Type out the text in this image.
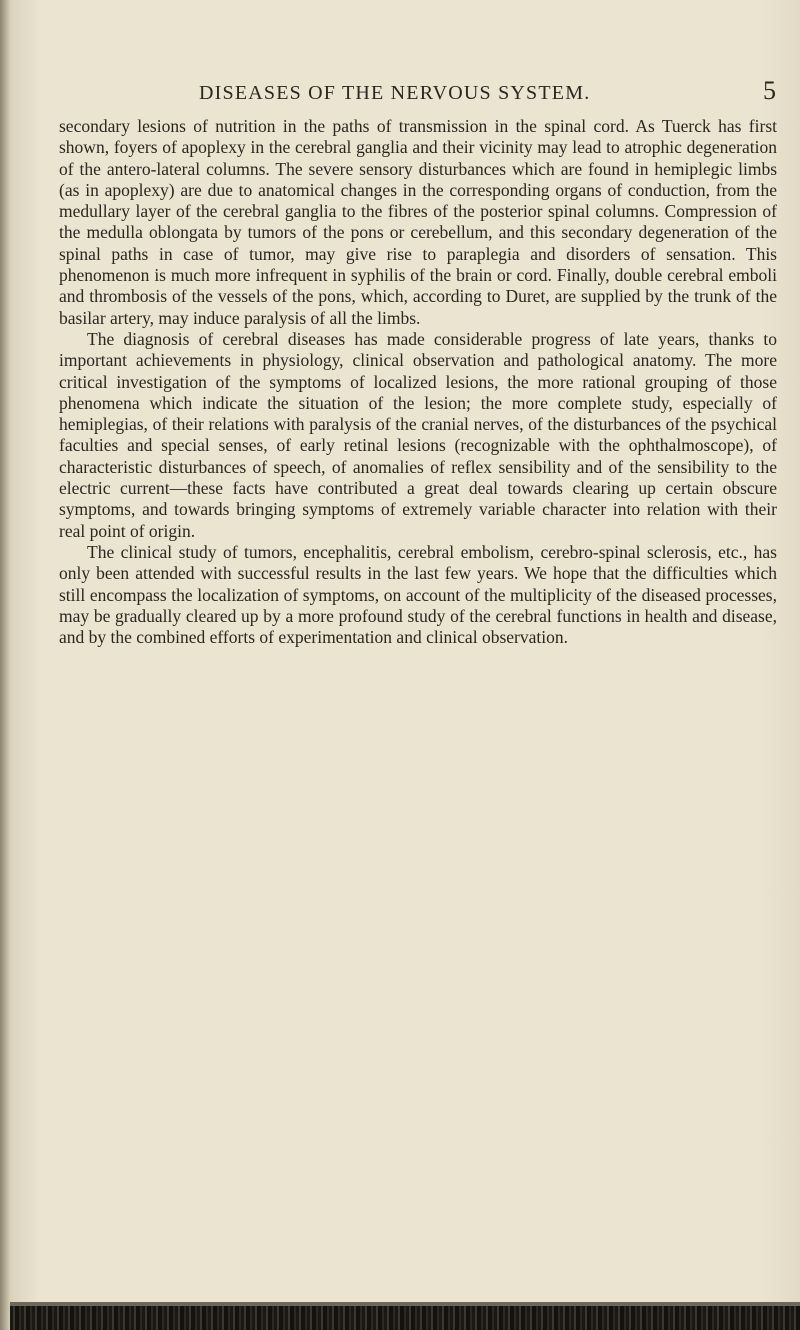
DISEASES OF THE NERVOUS SYSTEM.	5

secondary lesions of nutrition in the paths of transmission in the spinal cord. As Tuerck has first shown, foyers of apoplexy in the cerebral ganglia and their vicinity may lead to atrophic degeneration of the antero-lateral columns. The severe sensory disturbances which are found in hemiplegic limbs (as in apoplexy) are due to anatomical changes in the corresponding organs of conduction, from the medullary layer of the cerebral ganglia to the fibres of the posterior spinal columns. Compression of the medulla oblongata by tumors of the pons or cerebellum, and this secondary degeneration of the spinal paths in case of tumor, may give rise to paraplegia and disorders of sensation. This phenomenon is much more infrequent in syphilis of the brain or cord. Finally, double cerebral emboli and thrombosis of the vessels of the pons, which, according to Duret, are supplied by the trunk of the basilar artery, may induce paralysis of all the limbs.

The diagnosis of cerebral diseases has made considerable progress of late years, thanks to important achievements in physiology, clinical observation and pathological anatomy. The more critical investigation of the symptoms of localized lesions, the more rational grouping of those phenomena which indicate the situation of the lesion; the more complete study, especially of hemiplegias, of their relations with paralysis of the cranial nerves, of the disturbances of the psychical faculties and special senses, of early retinal lesions (recognizable with the ophthalmoscope), of characteristic disturbances of speech, of anomalies of reflex sensibility and of the sensibility to the electric current—these facts have contributed a great deal towards clearing up certain obscure symptoms, and towards bringing symptoms of extremely variable character into relation with their real point of origin.

The clinical study of tumors, encephalitis, cerebral embolism, cerebro-spinal sclerosis, etc., has only been attended with successful results in the last few years. We hope that the difficulties which still encompass the localization of symptoms, on account of the multiplicity of the diseased processes, may be gradually cleared up by a more profound study of the cerebral functions in health and disease, and by the combined efforts of experimentation and clinical observation.
